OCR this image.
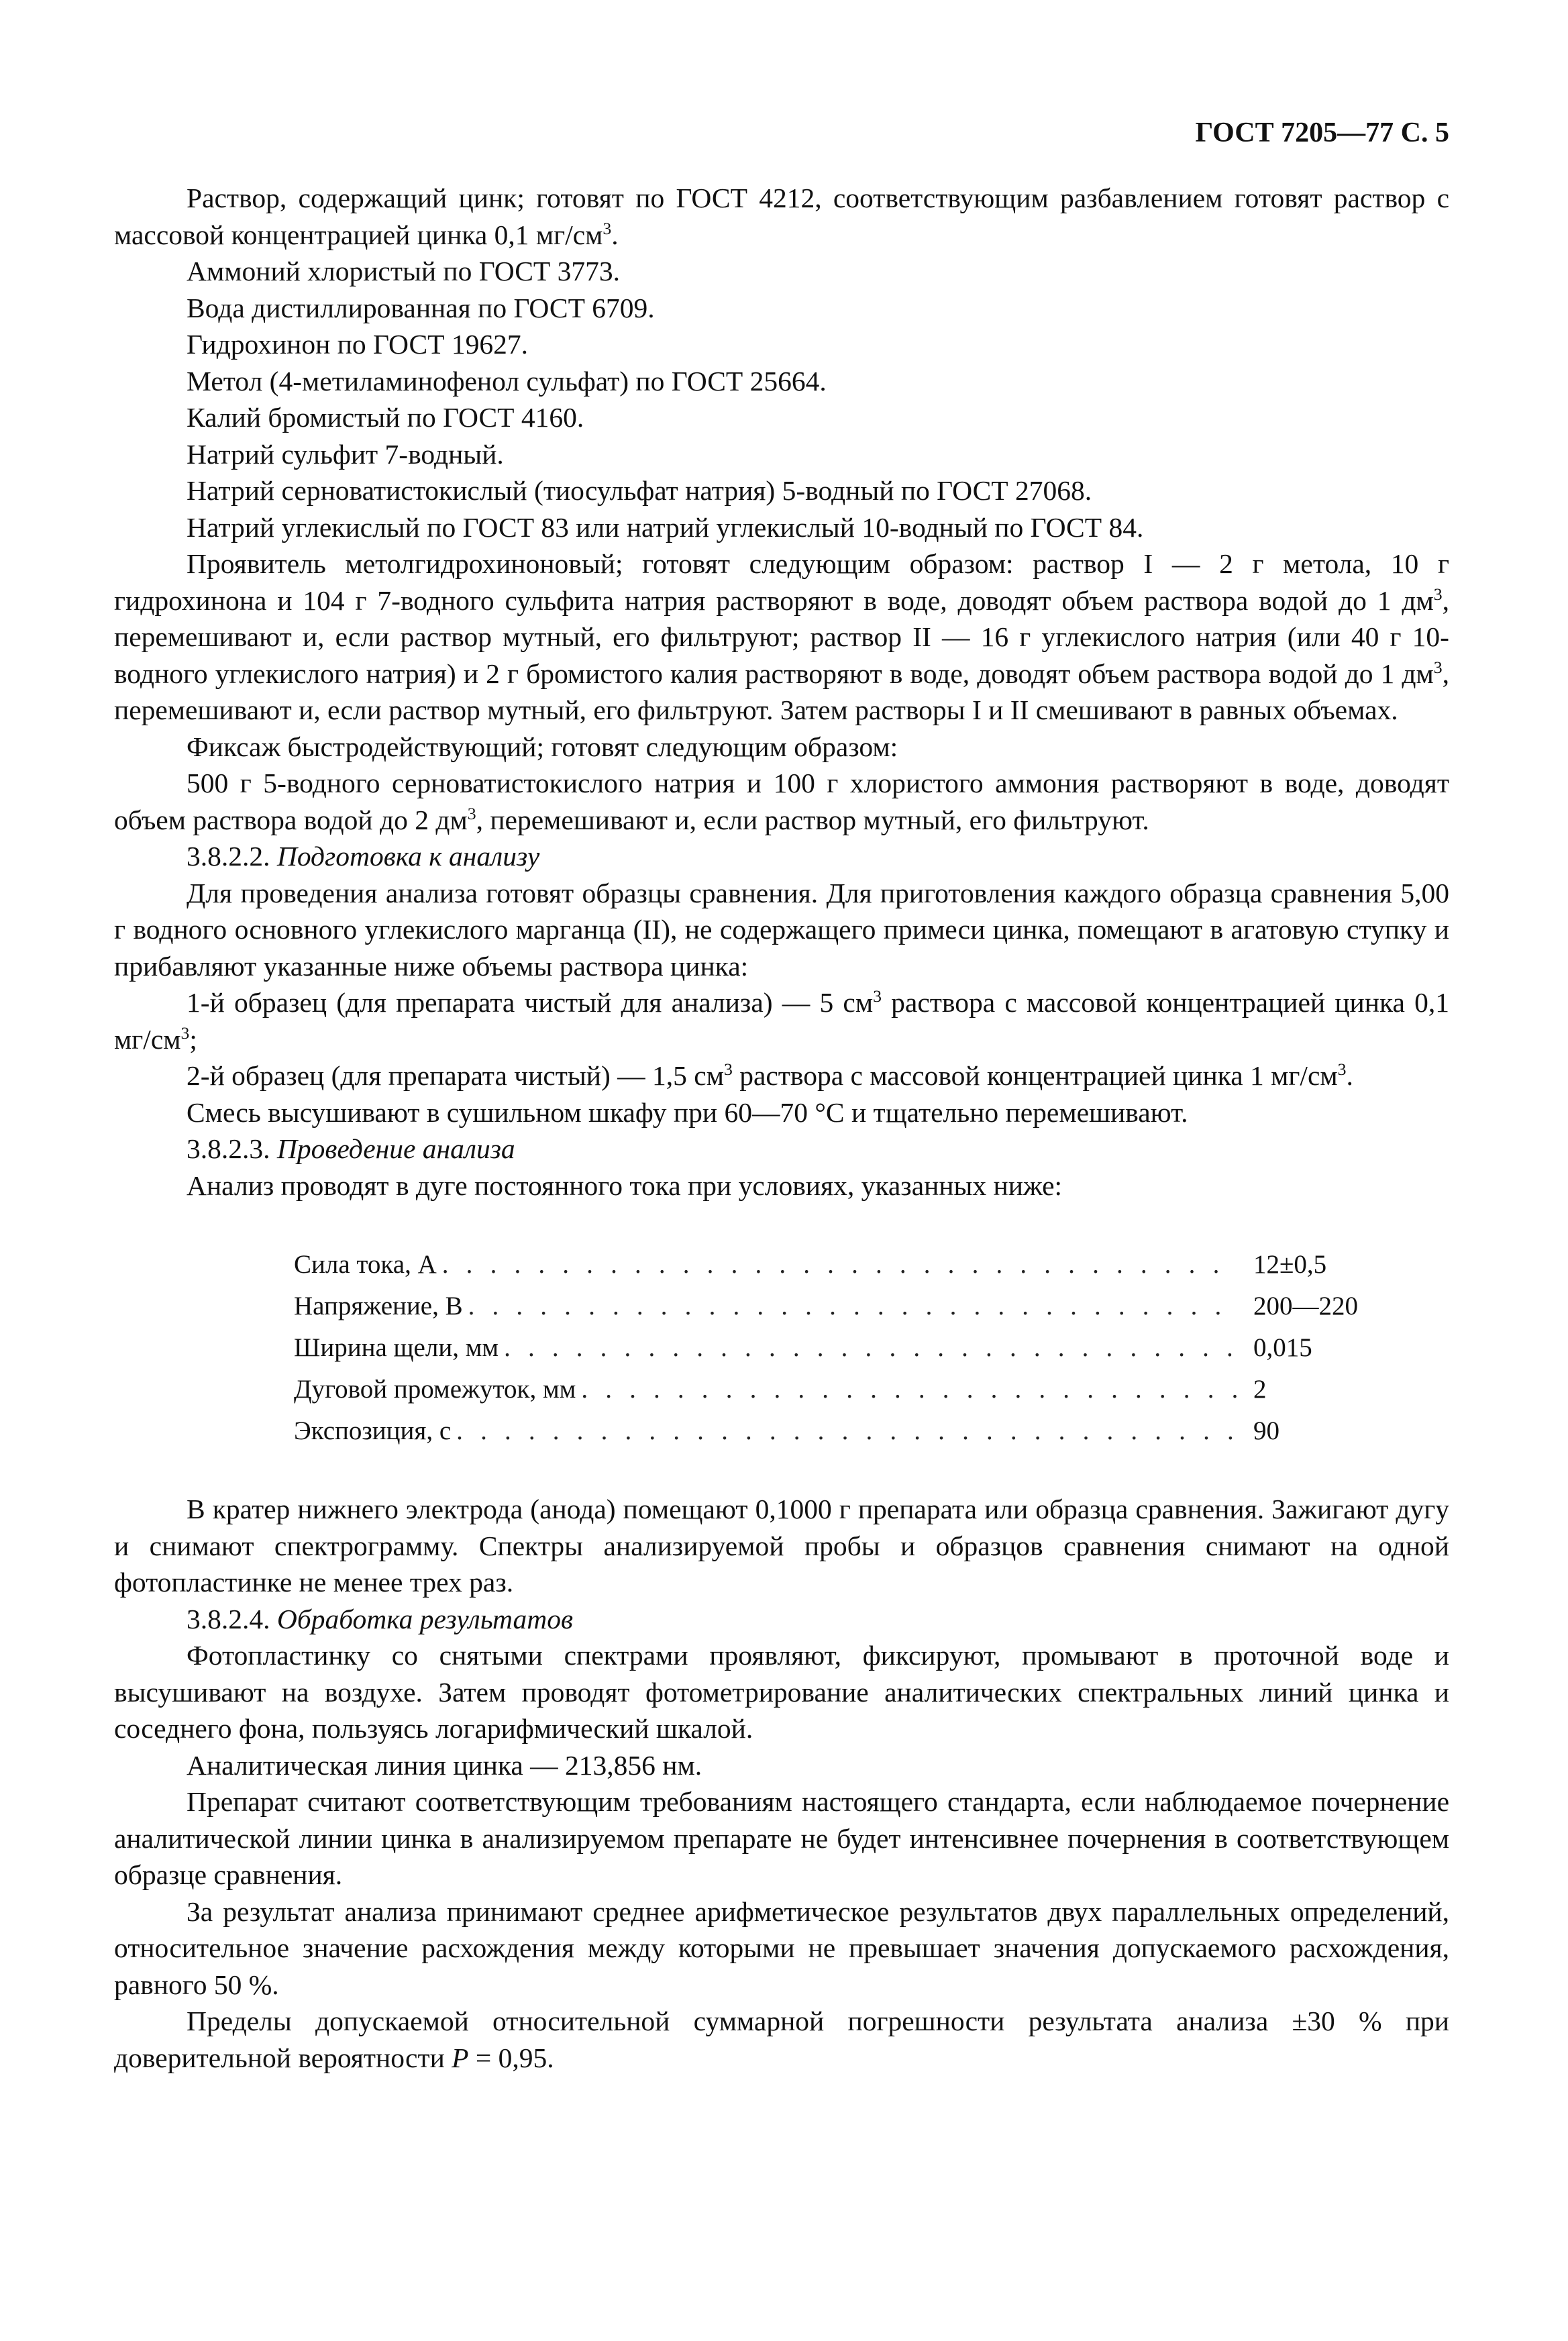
ГОСТ 7205—77 С. 5

Раствор, содержащий цинк; готовят по ГОСТ 4212, соответствующим разбавлением готовят раствор с массовой концентрацией цинка 0,1 $мг/см^3$.

Аммоний хлористый по ГОСТ 3773.

Вода дистиллированная по ГОСТ 6709.

Гидрохинон по ГОСТ 19627.

Метол (4-метиламинофенол сульфат) по ГОСТ 25664.

Калий бромистый по ГОСТ 4160.

Натрий сульфит 7-водный.

Натрий серноватистокислый (тиосульфат натрия) 5-водный по ГОСТ 27068.

Натрий углекислый по ГОСТ 83 или натрий углекислый 10-водный по ГОСТ 84.

Проявитель метолгидрохиноновый; готовят следующим образом: раствор I — 2 г метола, 10 г гидрохинона и 104 г 7-водного сульфита натрия растворяют в воде, доводят объем раствора водой до 1 $дм^3$, перемешивают и, если раствор мутный, его фильтруют; раствор II — 16 г углекислого натрия (или 40 г 10-водного углекислого натрия) и 2 г бромистого калия растворяют в воде, доводят объем раствора водой до 1 $дм^3$, перемешивают и, если раствор мутный, его фильтруют. Затем растворы I и II смешивают в равных объемах.

Фиксаж быстродействующий; готовят следующим образом:

500 г 5-водного серноватистокислого натрия и 100 г хлористого аммония растворяют в воде, доводят объем раствора водой до 2 $дм^3$, перемешивают и, если раствор мутный, его фильтруют.

3.8.2.2. Подготовка к анализу

Для проведения анализа готовят образцы сравнения. Для приготовления каждого образца сравнения 5,00 г водного основного углекислого марганца (II), не содержащего примеси цинка, помещают в агатовую ступку и прибавляют указанные ниже объемы раствора цинка:

1-й образец (для препарата чистый для анализа) — 5 $см^3$ раствора с массовой концентрацией цинка 0,1 $мг/см^3$;

2-й образец (для препарата чистый) — 1,5 $см^3$ раствора с массовой концентрацией цинка 1 $мг/см^3$.

Смесь высушивают в сушильном шкафу при 60—70 °С и тщательно перемешивают.

3.8.2.3. Проведение анализа

Анализ проводят в дуге постоянного тока при условиях, указанных ниже:

Сила тока, А . . .	12±0,5
Напряжение, В . . .	200—220
Ширина щели, мм . . .	0,015
Дуговой промежуток, мм . . .	2
Экспозиция, с . . .	90

В кратер нижнего электрода (анода) помещают 0,1000 г препарата или образца сравнения. Зажигают дугу и снимают спектрограмму. Спектры анализируемой пробы и образцов сравнения снимают на одной фотопластинке не менее трех раз.

3.8.2.4. Обработка результатов

Фотопластинку со снятыми спектрами проявляют, фиксируют, промывают в проточной воде и высушивают на воздухе. Затем проводят фотометрирование аналитических спектральных линий цинка и соседнего фона, пользуясь логарифмический шкалой.

Аналитическая линия цинка — 213,856 нм.

Препарат считают соответствующим требованиям настоящего стандарта, если наблюдаемое почернение аналитической линии цинка в анализируемом препарате не будет интенсивнее почернения в соответствующем образце сравнения.

За результат анализа принимают среднее арифметическое результатов двух параллельных определений, относительное значение расхождения между которыми не превышает значения допускаемого расхождения, равного 50 %.

Пределы допускаемой относительной суммарной погрешности результата анализа ±30 % при доверительной вероятности P = 0,95.
